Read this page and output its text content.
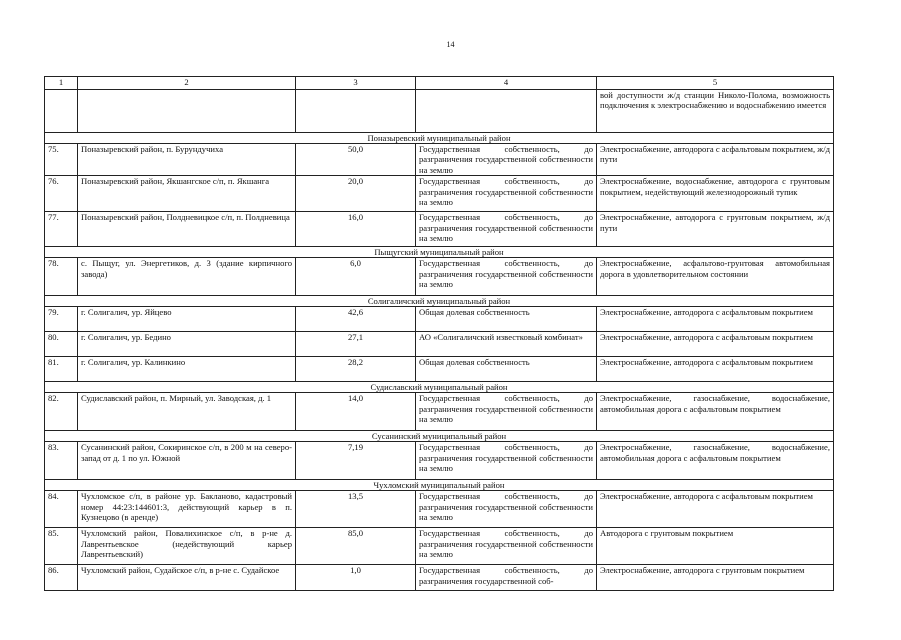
14
1	2	3	4	5
				вой доступности ж/д станции Николо-Полома, возможность подключения к электроснабжению и водоснабжению имеется
Поназыревский муниципальный район				
75.	Поназыревский район, п. Бурундучиха	50,0	Государственная собственность, до разграничения государственной собственности на землю	Электроснабжение, автодорога с асфальтовым покрытием, ж/д пути
76.	Поназыревский район, Якшангское с/п, п. Якшанга	20,0	Государственная собственность, до разграничения государственной собственности на землю	Электроснабжение, водоснабжение, автодорога с грунтовым покрытием, недействующий железнодорожный тупик
77.	Поназыревский район, Полдневицкое с/п, п. Полдневица	16,0	Государственная собственность, до разграничения государственной собственности на землю	Электроснабжение, автодорога с грунтовым покрытием, ж/д пути
Пыщугский муниципальный район				
78.	с. Пыщуг, ул. Энергетиков, д. 3 (здание кирпичного завода)	6,0	Государственная собственность, до разграничения государственной собственности на землю	Электроснабжение, асфальтово-грунтовая автомобильная дорога в удовлетворительном состоянии
Солигаличский муниципальный район				
79.	г. Солигалич, ур. Яйцево	42,6	Общая долевая собственность	Электроснабжение, автодорога с асфальтовым покрытием
80.	г. Солигалич, ур. Бедино	27,1	АО «Солигаличский известковый комбинат»	Электроснабжение, автодорога с асфальтовым покрытием
81.	г. Солигалич, ур. Калинкино	28,2	Общая долевая собственность	Электроснабжение, автодорога с асфальтовым покрытием
Судиславский муниципальный район				
82.	Судиславский район, п. Мирный, ул. Заводская, д. 1	14,0	Государственная собственность, до разграничения государственной собственности на землю	Электроснабжение, газоснабжение, водоснабжение, автомобильная дорога с асфальтовым покрытием
Сусанинский муниципальный район				
83.	Сусанинский район, Сокиринское с/п, в 200 м на северо-запад от д. 1 по ул. Южной	7,19	Государственная собственность, до разграничения государственной собственности на землю	Электроснабжение, газоснабжение, водоснабжение, автомобильная дорога с асфальтовым покрытием
Чухломский муниципальный район				
84.	Чухломское с/п, в районе ур. Бакланово, кадастровый номер 44:23:144601:3, действующий карьер в п. Кузнецово (в аренде)	13,5	Государственная собственность, до разграничения государственной собственности на землю	Электроснабжение, автодорога с асфальтовым покрытием
85.	Чухломский район, Повалихинское с/п, в р-не д. Лаврентьевское (недействующий карьер Лаврентьевский)	85,0	Государственная собственность, до разграничения государственной собственности на землю	Автодорога с грунтовым покрытием
86.	Чухломский район, Судайское с/п, в р-не с. Судайское	1,0	Государственная собственность, до разграничения государственной соб-	Электроснабжение, автодорога с грунтовым покрытием
